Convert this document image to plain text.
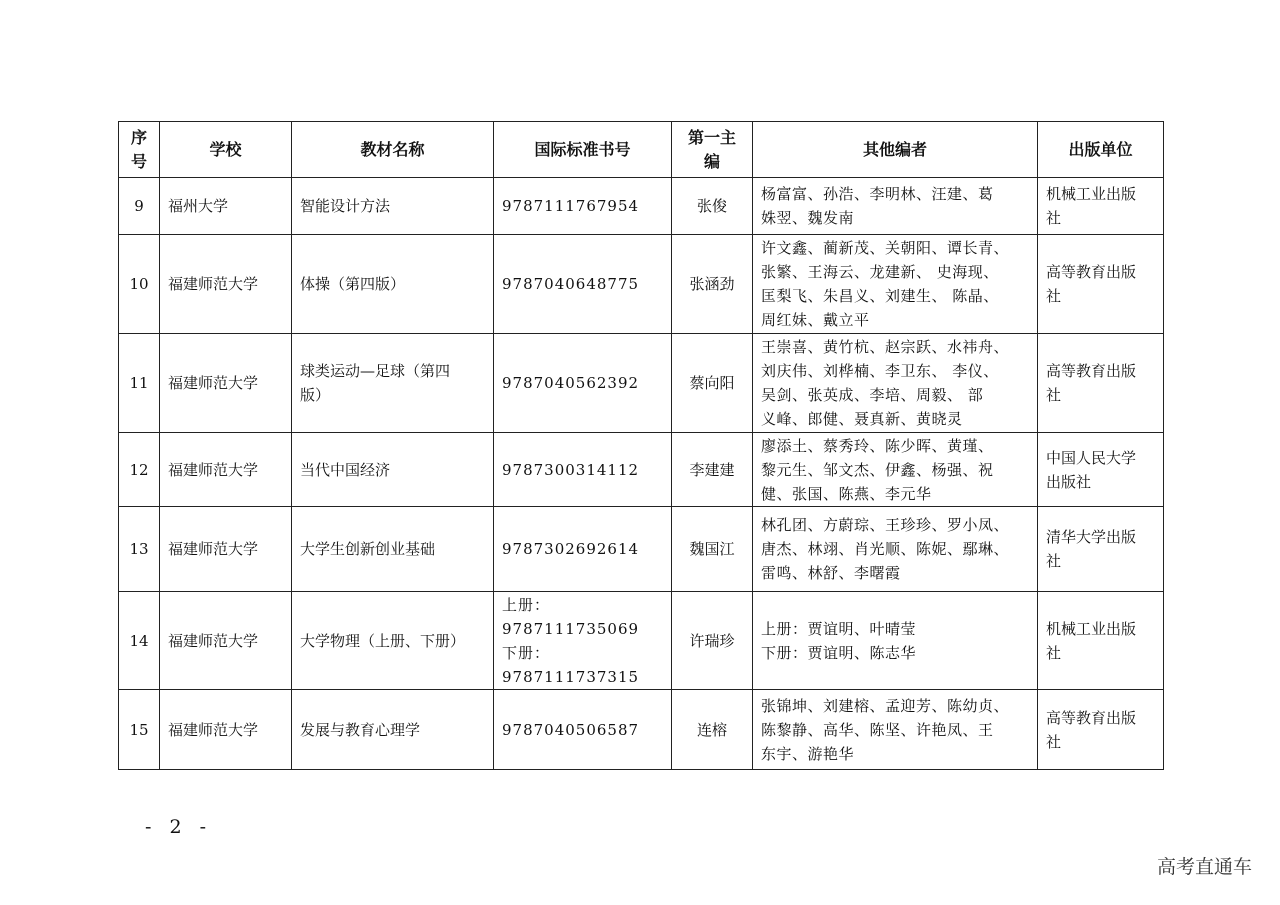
序
号	学校	教材名称	国际标准书号	第一主
编	其他编者	出版单位
9	福州大学	智能设计方法	9787111767954	张俊	杨富富、孙浩、李明林、汪建、葛
姝翌、魏发南	机械工业出版
社

10	福建师范大学	体操（第四版）	9787040648775	张涵劲	许文鑫、蔺新茂、关朝阳、谭长青、
张繁、王海云、龙建新、 史海现、
匡梨飞、朱昌义、刘建生、 陈晶、
周红妹、戴立平	高等教育出版
社

11	福建师范大学	球类运动—足球（第四
版）	9787040562392	蔡向阳	王崇喜、黄竹杭、赵宗跃、水祎舟、
刘庆伟、刘桦楠、李卫东、 李仪、
吴剑、张英成、李培、周毅、 部
义峰、郎健、聂真新、黄晓灵	高等教育出版
社

12	福建师范大学	当代中国经济	9787300314112	李建建	廖添土、蔡秀玲、陈少晖、黄瑾、
黎元生、邹文杰、伊鑫、杨强、祝
健、张国、陈燕、李元华	中国人民大学
出版社

13	福建师范大学	大学生创新创业基础	9787302692614	魏国江	林孔团、方蔚琮、王珍珍、罗小凤、
唐杰、林翊、肖光顺、陈妮、鄢琳、
雷鸣、林舒、李曙霞	清华大学出版
社

14	福建师范大学	大学物理（上册、下册）	上册：
9787111735069
下册：
9787111737315	许瑞珍	上册：贾谊明、叶晴莹
下册：贾谊明、陈志华	机械工业出版
社

15	福建师范大学	发展与教育心理学	9787040506587	连榕	张锦坤、刘建榕、孟迎芳、陈幼贞、
陈黎静、高华、陈坚、许艳凤、王
东宇、游艳华	高等教育出版
社
- 2 -
高考直通车
